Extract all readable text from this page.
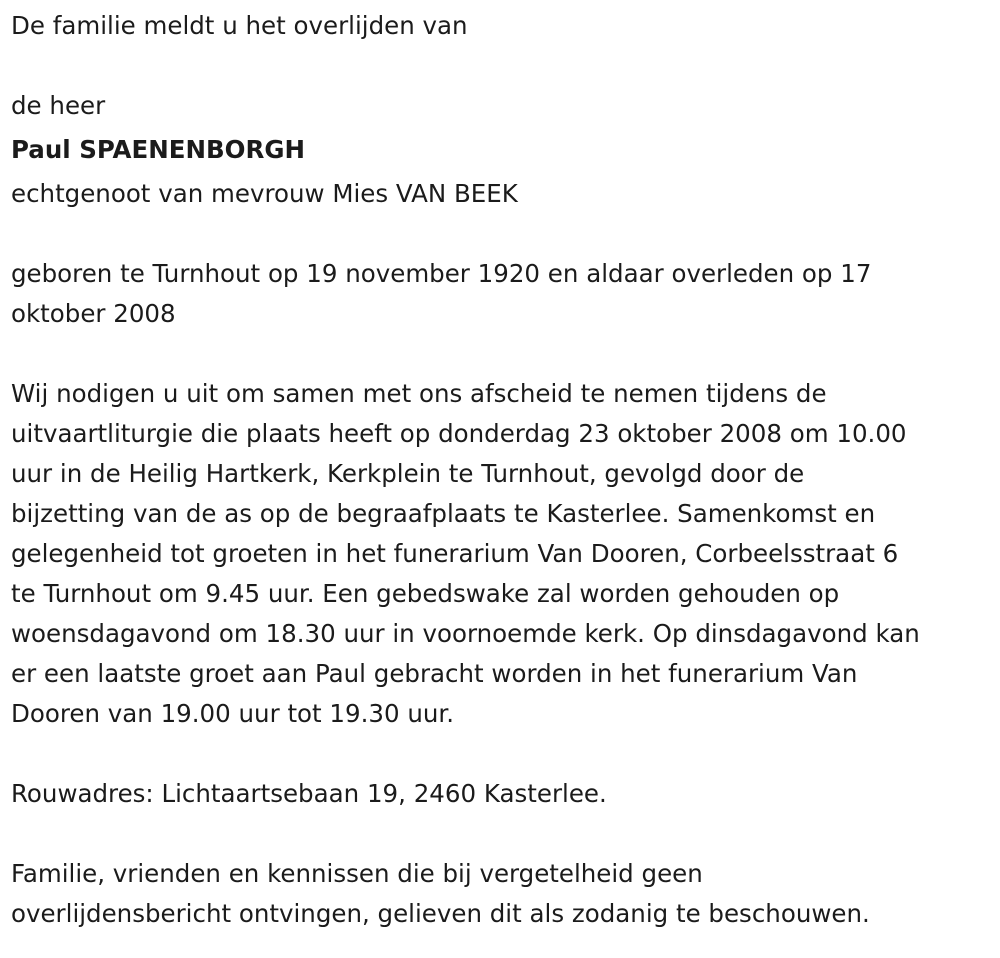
De familie meldt u het overlijden van

de heer

Paul SPAENENBORGH

echtgenoot van mevrouw Mies VAN BEEK

geboren te Turnhout op 19 november 1920 en aldaar overleden op 17
oktober 2008

Wij nodigen u uit om samen met ons afscheid te nemen tijdens de
uitvaartliturgie die plaats heeft op donderdag 23 oktober 2008 om 10.00
uur in de Heilig Hartkerk, Kerkplein te Turnhout, gevolgd door de
bijzetting van de as op de begraafplaats te Kasterlee. Samenkomst en
gelegenheid tot groeten in het funerarium Van Dooren, Corbeelsstraat 6
te Turnhout om 9.45 uur. Een gebedswake zal worden gehouden op
woensdagavond om 18.30 uur in voornoemde kerk. Op dinsdagavond kan
er een laatste groet aan Paul gebracht worden in het funerarium Van
Dooren van 19.00 uur tot 19.30 uur.

Rouwadres: Lichtaartsebaan 19, 2460 Kasterlee.

Familie, vrienden en kennissen die bij vergetelheid geen
overlijdensbericht ontvingen, gelieven dit als zodanig te beschouwen.
